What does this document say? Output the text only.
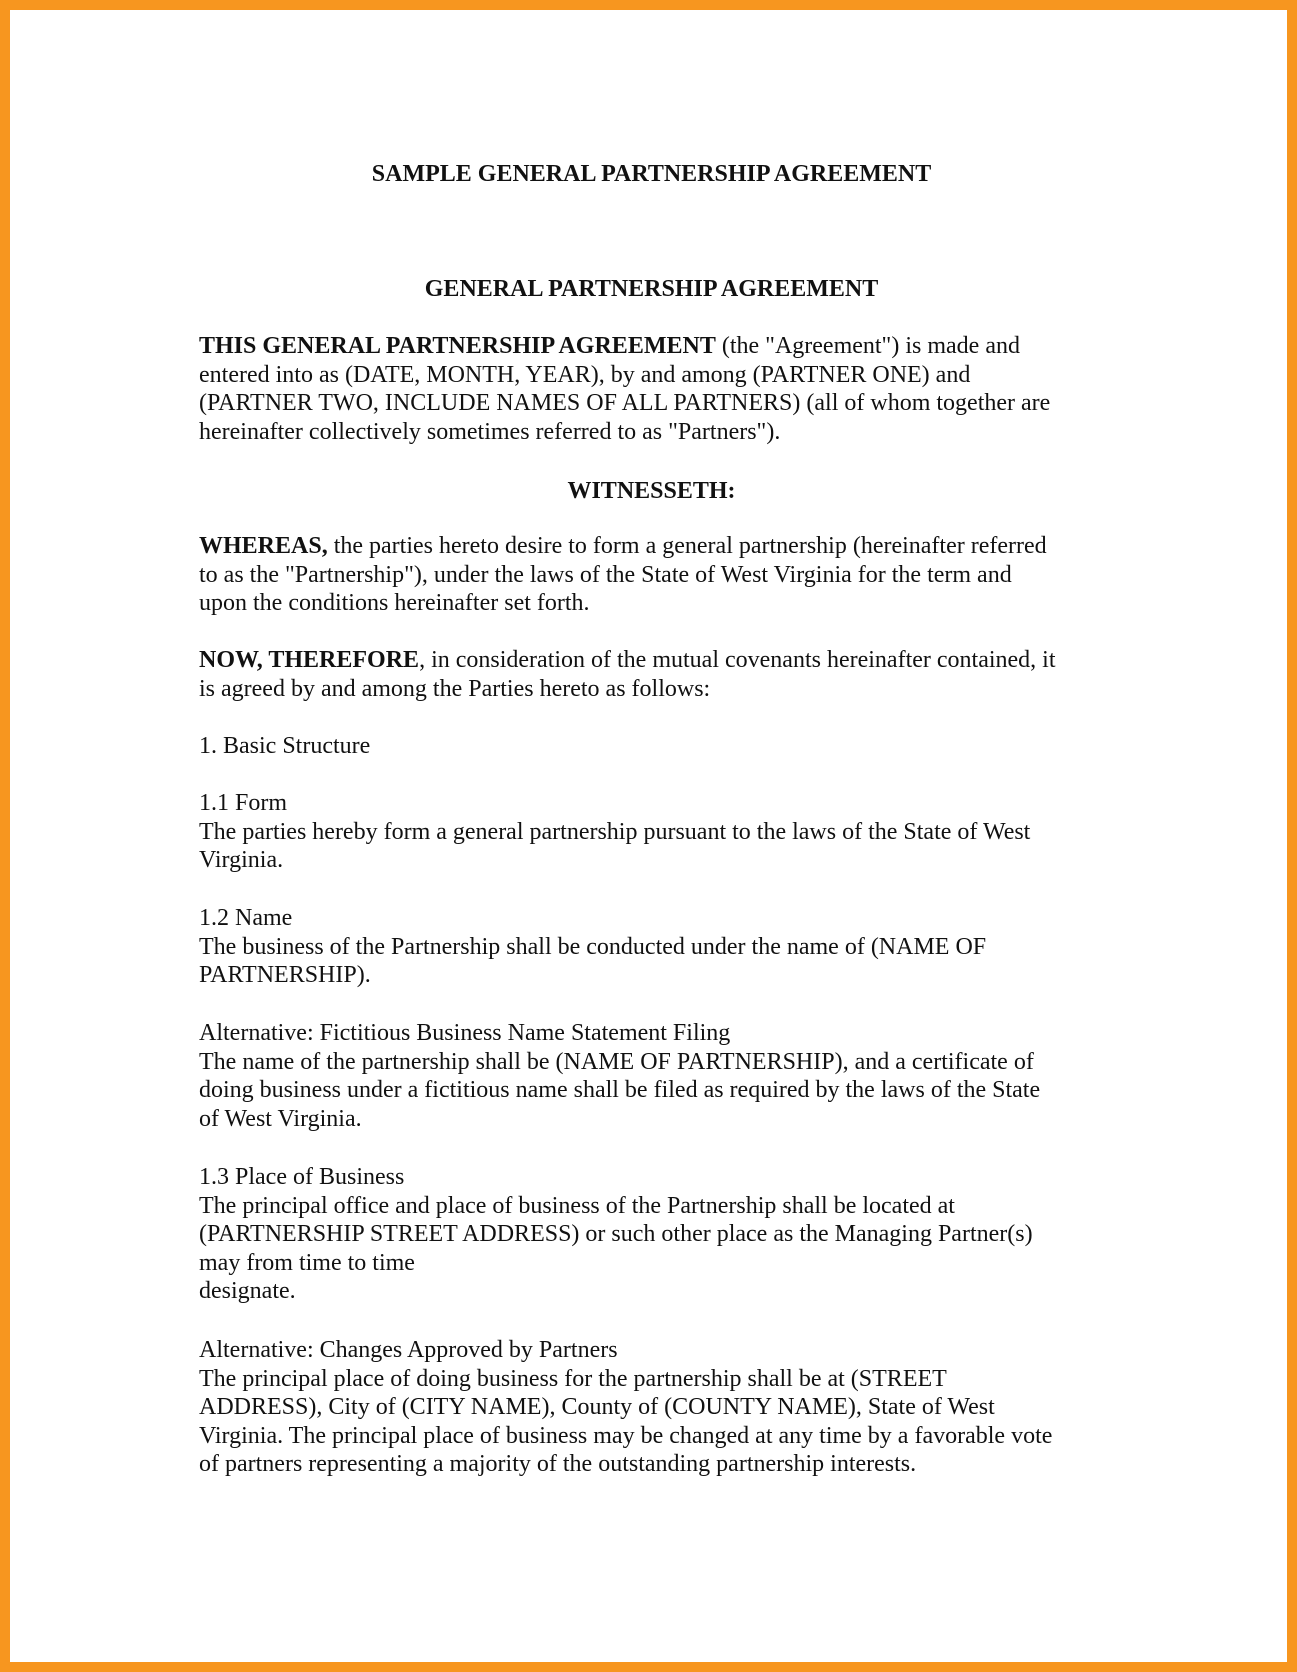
SAMPLE GENERAL PARTNERSHIP AGREEMENT

GENERAL PARTNERSHIP AGREEMENT

THIS GENERAL PARTNERSHIP AGREEMENT (the "Agreement") is made and
entered into as (DATE, MONTH, YEAR), by and among (PARTNER ONE) and
(PARTNER TWO, INCLUDE NAMES OF ALL PARTNERS) (all of whom together are
hereinafter collectively sometimes referred to as "Partners").

WITNESSETH:

WHEREAS, the parties hereto desire to form a general partnership (hereinafter referred
to as the "Partnership"), under the laws of the State of West Virginia for the term and
upon the conditions hereinafter set forth.

NOW, THEREFORE, in consideration of the mutual covenants hereinafter contained, it
is agreed by and among the Parties hereto as follows:

1. Basic Structure

1.1 Form
The parties hereby form a general partnership pursuant to the laws of the State of West
Virginia.

1.2 Name
The business of the Partnership shall be conducted under the name of (NAME OF
PARTNERSHIP).

Alternative: Fictitious Business Name Statement Filing
The name of the partnership shall be (NAME OF PARTNERSHIP), and a certificate of
doing business under a fictitious name shall be filed as required by the laws of the State
of West Virginia.

1.3 Place of Business
The principal office and place of business of the Partnership shall be located at
(PARTNERSHIP STREET ADDRESS) or such other place as the Managing Partner(s)
may from time to time
designate.

Alternative: Changes Approved by Partners
The principal place of doing business for the partnership shall be at (STREET
ADDRESS), City of (CITY NAME), County of (COUNTY NAME), State of West
Virginia. The principal place of business may be changed at any time by a favorable vote
of partners representing a majority of the outstanding partnership interests.
